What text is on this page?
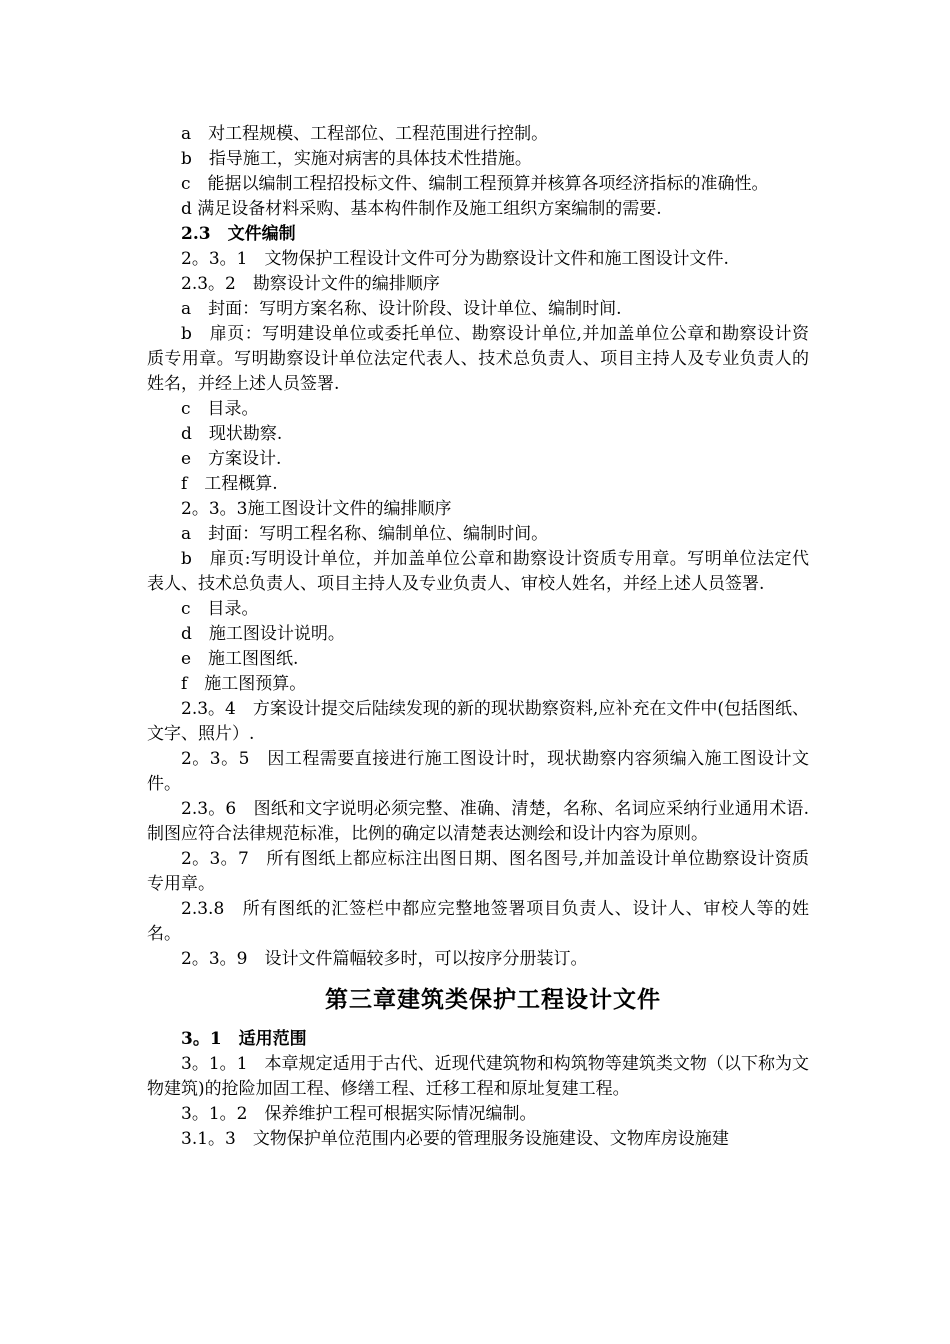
a　对工程规模、工程部位、工程范围进行控制。

b　指导施工，实施对病害的具体技术性措施。

c　能据以编制工程招投标文件、编制工程预算并核算各项经济指标的准确性。

d 满足设备材料采购、基本构件制作及施工组织方案编制的需要.

2.3　文件编制

2。3。1　文物保护工程设计文件可分为勘察设计文件和施工图设计文件.

2.3。2　勘察设计文件的编排顺序

a　封面：写明方案名称、设计阶段、设计单位、编制时间.

b　扉页：写明建设单位或委托单位、勘察设计单位,并加盖单位公章和勘察设计资质专用章。写明勘察设计单位法定代表人、技术总负责人、项目主持人及专业负责人的姓名，并经上述人员签署.

c　目录。

d　现状勘察.

e　方案设计.

f　工程概算.

2。3。3施工图设计文件的编排顺序

a　封面：写明工程名称、编制单位、编制时间。

b　扉页:写明设计单位，并加盖单位公章和勘察设计资质专用章。写明单位法定代表人、技术总负责人、项目主持人及专业负责人、审校人姓名，并经上述人员签署.

c　目录。

d　施工图设计说明。

e　施工图图纸.

f　施工图预算。

2.3。4　方案设计提交后陆续发现的新的现状勘察资料,应补充在文件中(包括图纸、文字、照片）.

2。3。5　因工程需要直接进行施工图设计时，现状勘察内容须编入施工图设计文件。

2.3。6　图纸和文字说明必须完整、准确、清楚，名称、名词应采纳行业通用术语.制图应符合法律规范标准，比例的确定以清楚表达测绘和设计内容为原则。

2。3。7　所有图纸上都应标注出图日期、图名图号,并加盖设计单位勘察设计资质专用章。

2.3.8　所有图纸的汇签栏中都应完整地签署项目负责人、设计人、审校人等的姓名。

2。3。9　设计文件篇幅较多时，可以按序分册装订。

第三章建筑类保护工程设计文件

3。1　适用范围

3。1。1　本章规定适用于古代、近现代建筑物和构筑物等建筑类文物（以下称为文物建筑)的抢险加固工程、修缮工程、迁移工程和原址复建工程。

3。1。2　保养维护工程可根据实际情况编制。

3.1。3　文物保护单位范围内必要的管理服务设施建设、文物库房设施建
